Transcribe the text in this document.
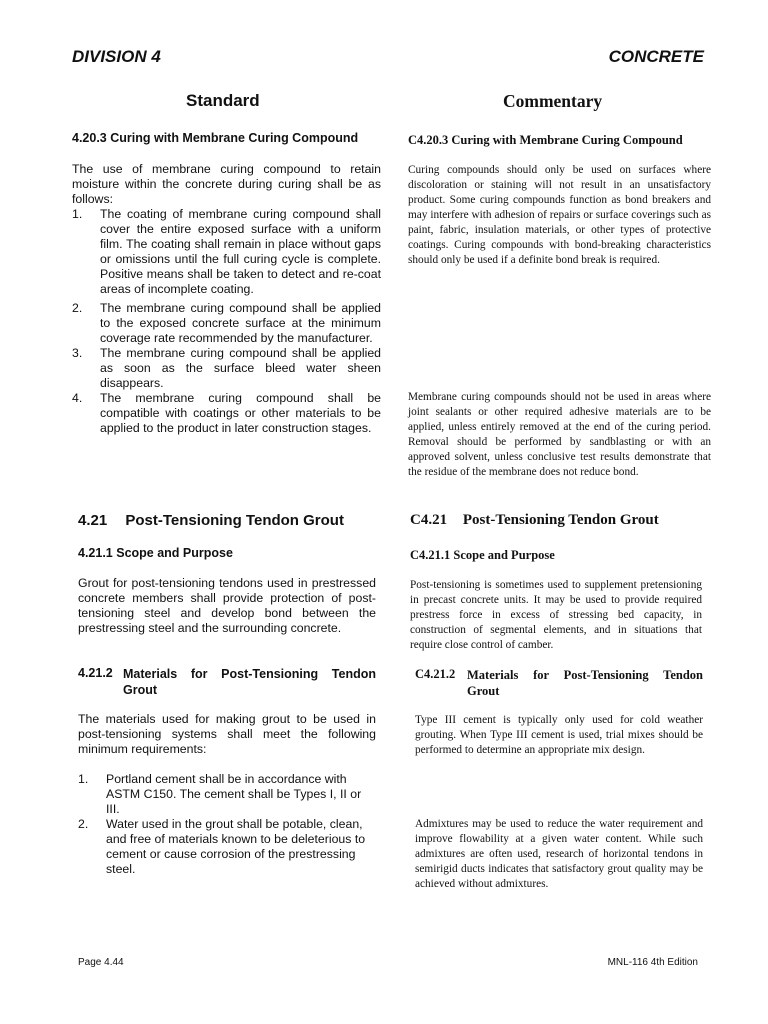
DIVISION 4	CONCRETE
Standard	Commentary
4.20.3 Curing with Membrane Curing Compound
The use of membrane curing compound to retain moisture within the concrete during curing shall be as follows:
1.	The coating of membrane curing compound shall cover the entire exposed surface with a uniform film. The coating shall remain in place without gaps or omissions until the full curing cycle is complete. Positive means shall be taken to detect and re-coat areas of incomplete coating.
2.	The membrane curing compound shall be applied to the exposed concrete surface at the minimum coverage rate recommended by the manufacturer.
3.	The membrane curing compound shall be applied as soon as the surface bleed water sheen disappears.
4.	The membrane curing compound shall be compatible with coatings or other materials to be applied to the product in later construction stages.
C4.20.3 Curing with Membrane Curing Compound
Curing compounds should only be used on surfaces where discoloration or staining will not result in an unsatisfactory product. Some curing compounds function as bond breakers and may interfere with adhesion of repairs or surface coverings such as paint, fabric, insulation materials, or other types of protective coatings. Curing compounds with bond-breaking characteristics should only be used if a definite bond break is required.
Membrane curing compounds should not be used in areas where joint sealants or other required adhesive materials are to be applied, unless entirely removed at the end of the curing period. Removal should be performed by sandblasting or with an approved solvent, unless conclusive test results demonstrate that the residue of the membrane does not reduce bond.
4.21 Post-Tensioning Tendon Grout	C4.21 Post-Tensioning Tendon Grout
4.21.1 Scope and Purpose
Grout for post-tensioning tendons used in prestressed concrete members shall provide protection of post-tensioning steel and develop bond between the prestressing steel and the surrounding concrete.
C4.21.1 Scope and Purpose
Post-tensioning is sometimes used to supplement pretensioning in precast concrete units. It may be used to provide required prestress force in excess of stressing bed capacity, in construction of segmental elements, and in situations that require close control of camber.
4.21.2 Materials for Post-Tensioning Tendon Grout
The materials used for making grout to be used in post-tensioning systems shall meet the following minimum requirements:
1.	Portland cement shall be in accordance with ASTM C150. The cement shall be Types I, II or III.
2.	Water used in the grout shall be potable, clean, and free of materials known to be deleterious to cement or cause corrosion of the prestressing steel.
C4.21.2 Materials for Post-Tensioning Tendon Grout
Type III cement is typically only used for cold weather grouting. When Type III cement is used, trial mixes should be performed to determine an appropriate mix design.
Admixtures may be used to reduce the water requirement and improve flowability at a given water content. While such admixtures are often used, research of horizontal tendons in semirigid ducts indicates that satisfactory grout quality may be achieved without admixtures.
Page 4.44	MNL-116 4th Edition
